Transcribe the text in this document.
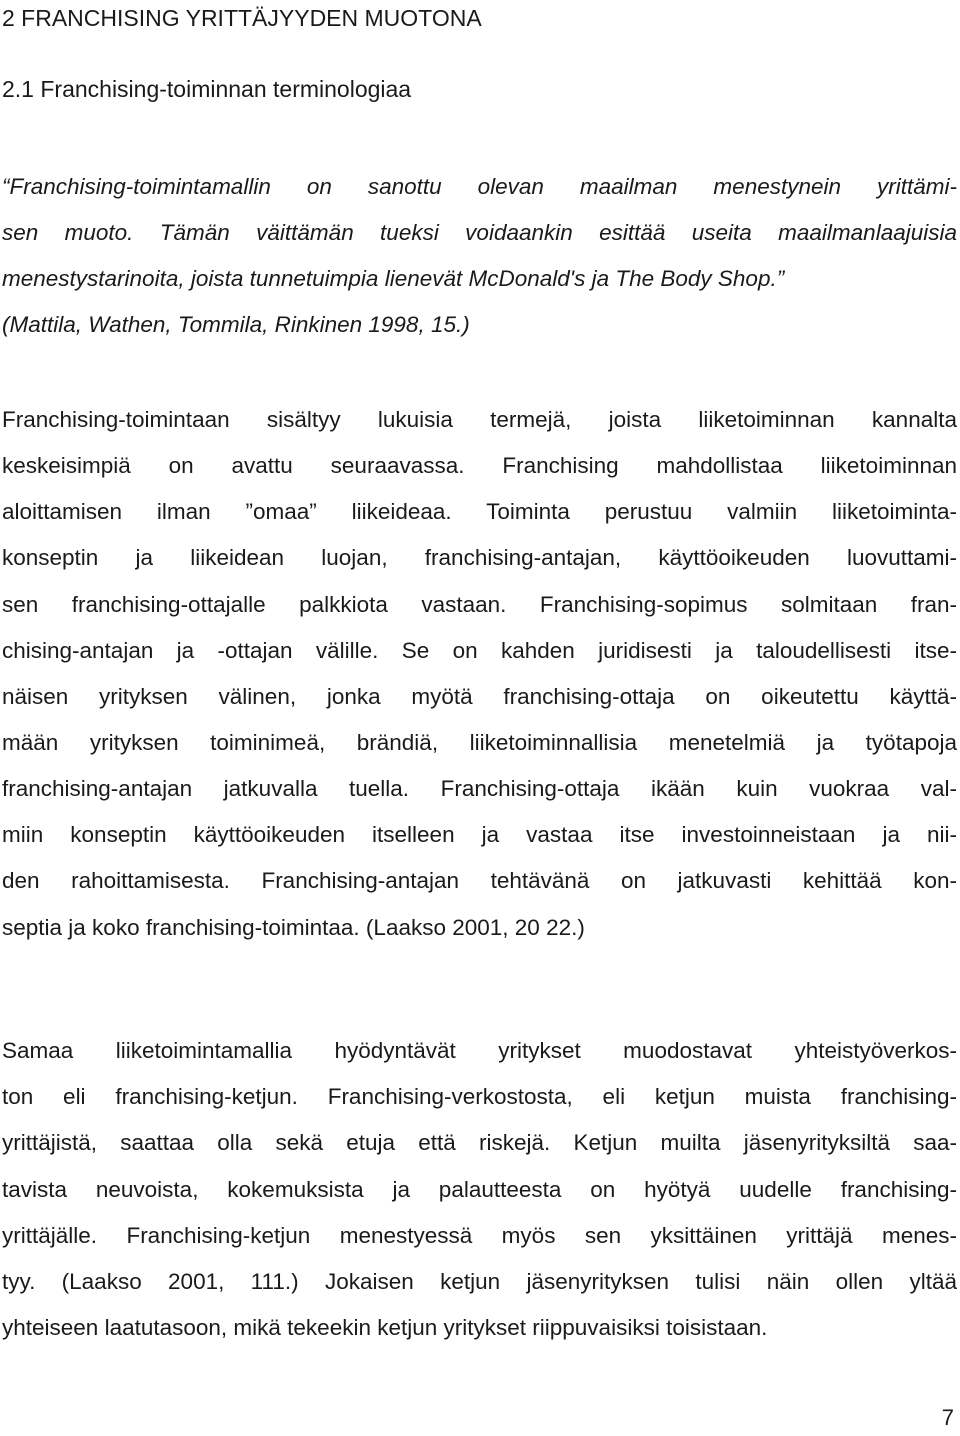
2 FRANCHISING YRITTÄJYYDEN MUOTONA
2.1 Franchising-toiminnan terminologiaa

“Franchising-toimintamallin on sanottu olevan maailman menestynein yrittämi-
sen muoto. Tämän väittämän tueksi voidaankin esittää useita maailmanlaajuisia
menestystarinoita, joista tunnetuimpia lienevät McDonald's ja The Body Shop.”
(Mattila, Wathen, Tommila, Rinkinen 1998, 15.)

Franchising-toimintaan sisältyy lukuisia termejä, joista liiketoiminnan kannalta
keskeisimpiä on avattu seuraavassa. Franchising mahdollistaa liiketoiminnan
aloittamisen ilman ”omaa” liikeideaa. Toiminta perustuu valmiin liiketoiminta-
konseptin ja liikeidean luojan, franchising-antajan, käyttöoikeuden luovuttami-
sen franchising-ottajalle palkkiota vastaan. Franchising-sopimus solmitaan fran-
chising-antajan ja -ottajan välille. Se on kahden juridisesti ja taloudellisesti itse-
näisen yrityksen välinen, jonka myötä franchising-ottaja on oikeutettu käyttä-
mään yrityksen toiminimeä, brändiä, liiketoiminnallisia menetelmiä ja työtapoja
franchising-antajan jatkuvalla tuella. Franchising-ottaja ikään kuin vuokraa val-
miin konseptin käyttöoikeuden itselleen ja vastaa itse investoinneistaan ja nii-
den rahoittamisesta. Franchising-antajan tehtävänä on jatkuvasti kehittää kon-
septia ja koko franchising-toimintaa. (Laakso 2001, 20 22.)

Samaa liiketoimintamallia hyödyntävät yritykset muodostavat yhteistyöverkos-
ton eli franchising-ketjun. Franchising-verkostosta, eli ketjun muista franchising-
yrittäjistä, saattaa olla sekä etuja että riskejä. Ketjun muilta jäsenyrityksiltä saa-
tavista neuvoista, kokemuksista ja palautteesta on hyötyä uudelle franchising-
yrittäjälle. Franchising-ketjun menestyessä myös sen yksittäinen yrittäjä menes-
tyy. (Laakso 2001, 111.) Jokaisen ketjun jäsenyrityksen tulisi näin ollen yltää
yhteiseen laatutasoon, mikä tekeekin ketjun yritykset riippuvaisiksi toisistaan.

7
